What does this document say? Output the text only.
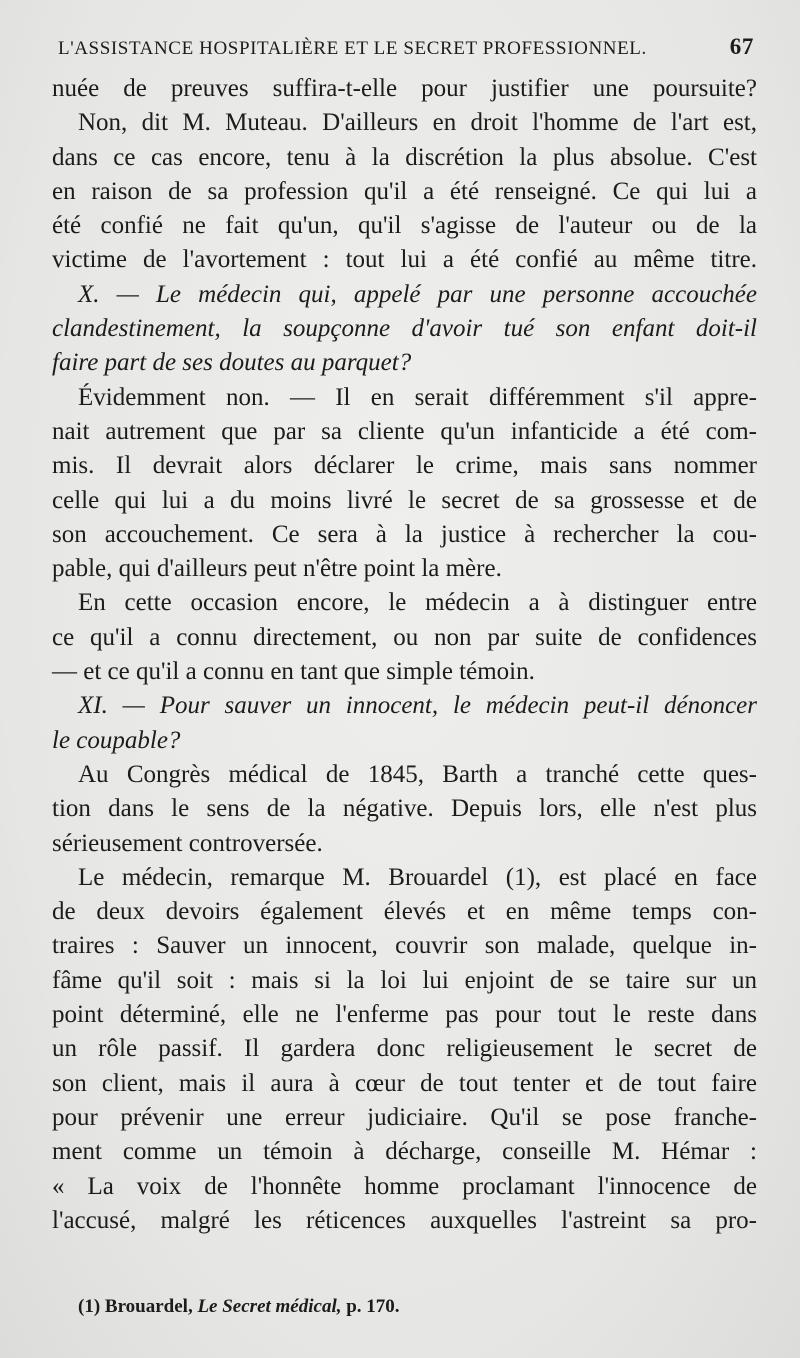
L'ASSISTANCE HOSPITALIÈRE ET LE SECRET PROFESSIONNEL.	67
nuée de preuves suffira-t-elle pour justifier une poursuite?
Non, dit M. Muteau. D'ailleurs en droit l'homme de l'art est,
dans ce cas encore, tenu à la discrétion la plus absolue. C'est
en raison de sa profession qu'il a été renseigné. Ce qui lui a
été confié ne fait qu'un, qu'il s'agisse de l'auteur ou de la
victime de l'avortement : tout lui a été confié au même titre.
X. — Le médecin qui, appelé par une personne accouchée
clandestinement, la soupçonne d'avoir tué son enfant doit-il
faire part de ses doutes au parquet?
Évidemment non. — Il en serait différemment s'il appre-
nait autrement que par sa cliente qu'un infanticide a été com-
mis. Il devrait alors déclarer le crime, mais sans nommer
celle qui lui a du moins livré le secret de sa grossesse et de
son accouchement. Ce sera à la justice à rechercher la cou-
pable, qui d'ailleurs peut n'être point la mère.
En cette occasion encore, le médecin a à distinguer entre
ce qu'il a connu directement, ou non par suite de confidences
— et ce qu'il a connu en tant que simple témoin.
XI. — Pour sauver un innocent, le médecin peut-il dénoncer
le coupable?
Au Congrès médical de 1845, Barth a tranché cette ques-
tion dans le sens de la négative. Depuis lors, elle n'est plus
sérieusement controversée.
Le médecin, remarque M. Brouardel (1), est placé en face
de deux devoirs également élevés et en même temps con-
traires : Sauver un innocent, couvrir son malade, quelque in-
fâme qu'il soit : mais si la loi lui enjoint de se taire sur un
point déterminé, elle ne l'enferme pas pour tout le reste dans
un rôle passif. Il gardera donc religieusement le secret de
son client, mais il aura à cœur de tout tenter et de tout faire
pour prévenir une erreur judiciaire. Qu'il se pose franche-
ment comme un témoin à décharge, conseille M. Hémar :
« La voix de l'honnête homme proclamant l'innocence de
l'accusé, malgré les réticences auxquelles l'astreint sa pro-
(1) Brouardel, Le Secret médical, p. 170.
